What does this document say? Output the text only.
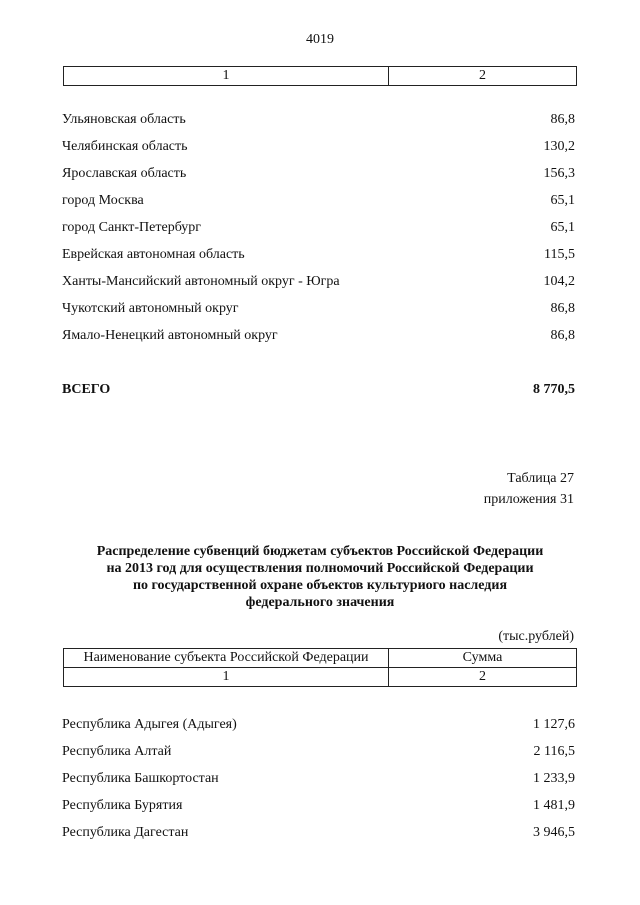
4019
1	2
Ульяновская область	86,8
Челябинская область	130,2
Ярославская область	156,3
город Москва	65,1
город Санкт-Петербург	65,1
Еврейская автономная область	115,5
Ханты-Мансийский автономный округ - Югра	104,2
Чукотский автономный округ	86,8
Ямало-Ненецкий автономный округ	86,8
ВСЕГО	8 770,5
Таблица 27
приложения 31
Распределение субвенций бюджетам субъектов Российской Федерации
на 2013 год для осуществления полномочий Российской Федерации
по государственной охране объектов культуриого наследия
федерального значения
(тыс.рублей)
Наименование субъекта Российской Федерации	Сумма
1	2
Республика Адыгея (Адыгея)	1 127,6
Республика Алтай	2 116,5
Республика Башкортостан	1 233,9
Республика Бурятия	1 481,9
Республика Дагестан	3 946,5
